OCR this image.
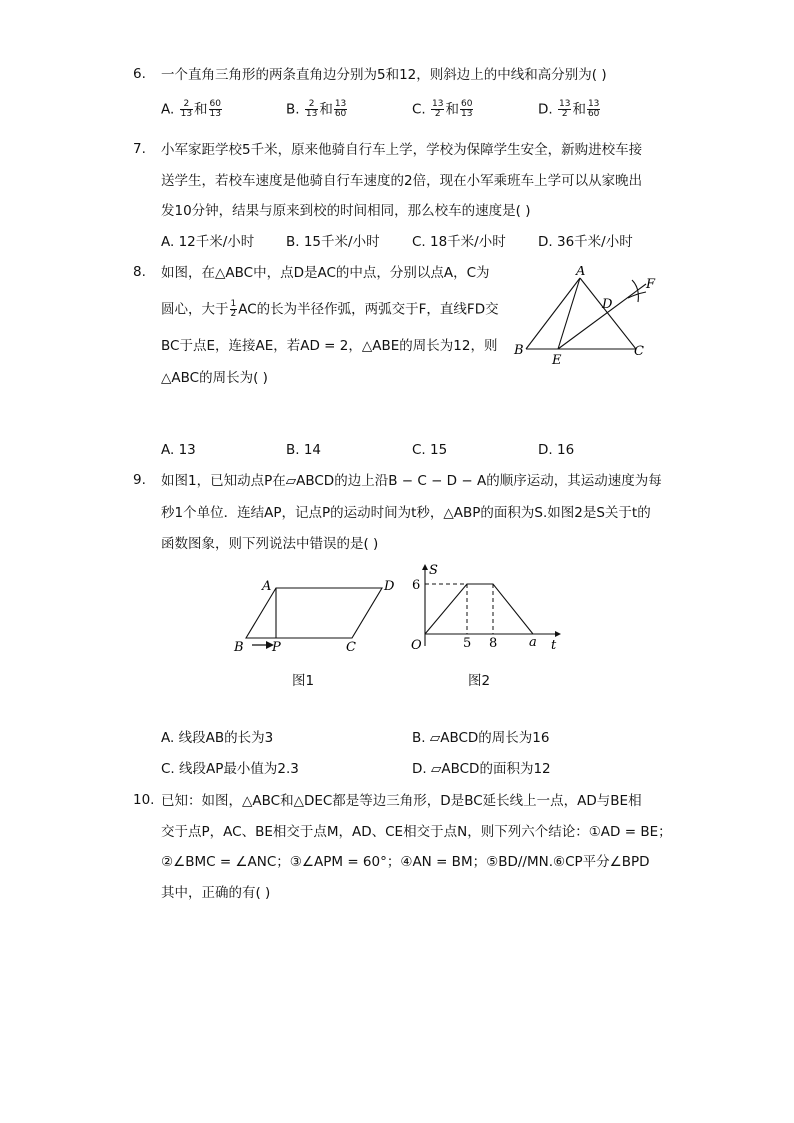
6. 一个直角三角形的两条直角边分别为5和12，则斜边上的中线和高分别为( )
A. $\frac{2}{13}$ 和 $\frac{60}{13}$	B. $\frac{2}{13}$ 和 $\frac{13}{60}$	C. $\frac{13}{2}$ 和 $\frac{60}{13}$	D. $\frac{13}{2}$ 和 $\frac{13}{60}$
7. 小军家距学校5千米，原来他骑自行车上学，学校为保障学生安全，新购进校车接
送学生，若校车速度是他骑自行车速度的2倍，现在小军乘班车上学可以从家晚出
发10分钟，结果与原来到校的时间相同，那么校车的速度是( )
A. 12千米/小时 B. 15千米/小时 C. 18千米/小时 D. 36千米/小时
8. 如图，在△ABC中，点D是AC的中点，分别以点A，C为
圆心，大于 $\frac{1}{2}$ AC的长为半径作弧，两弧交于F，直线FD交
BC于点E，连接AE，若AD = 2，△ABE的周长为12，则
△ABC的周长为( )
A
B	C
D
E
F
A. 13	B. 14	C. 15	D. 16
9. 如图1，已知动点P在▱ABCD的边上沿B − C − D − A的顺序运动，其运动速度为每
秒1个单位．连结AP，记点P的运动时间为t秒，△ABP的面积为S.如图2是S关于t的
函数图象，则下列说法中错误的是( )
A
B P	C
D
图1
S
6
O	5 8 a t
图2
A. 线段AB的长为3	B. ▱ABCD的周长为16
C. 线段AP最小值为2.3	D. ▱ABCD的面积为12
10. 已知：如图，△ABC和△DEC都是等边三角形，D是BC延长线上一点，AD与BE相
交于点P，AC、BE相交于点M，AD、CE相交于点N，则下列六个结论：①AD = BE；
②∠BMC = ∠ANC；③∠APM = 60°；④AN = BM；⑤BD//MN.⑥CP平分∠BPD
其中，正确的有( )
